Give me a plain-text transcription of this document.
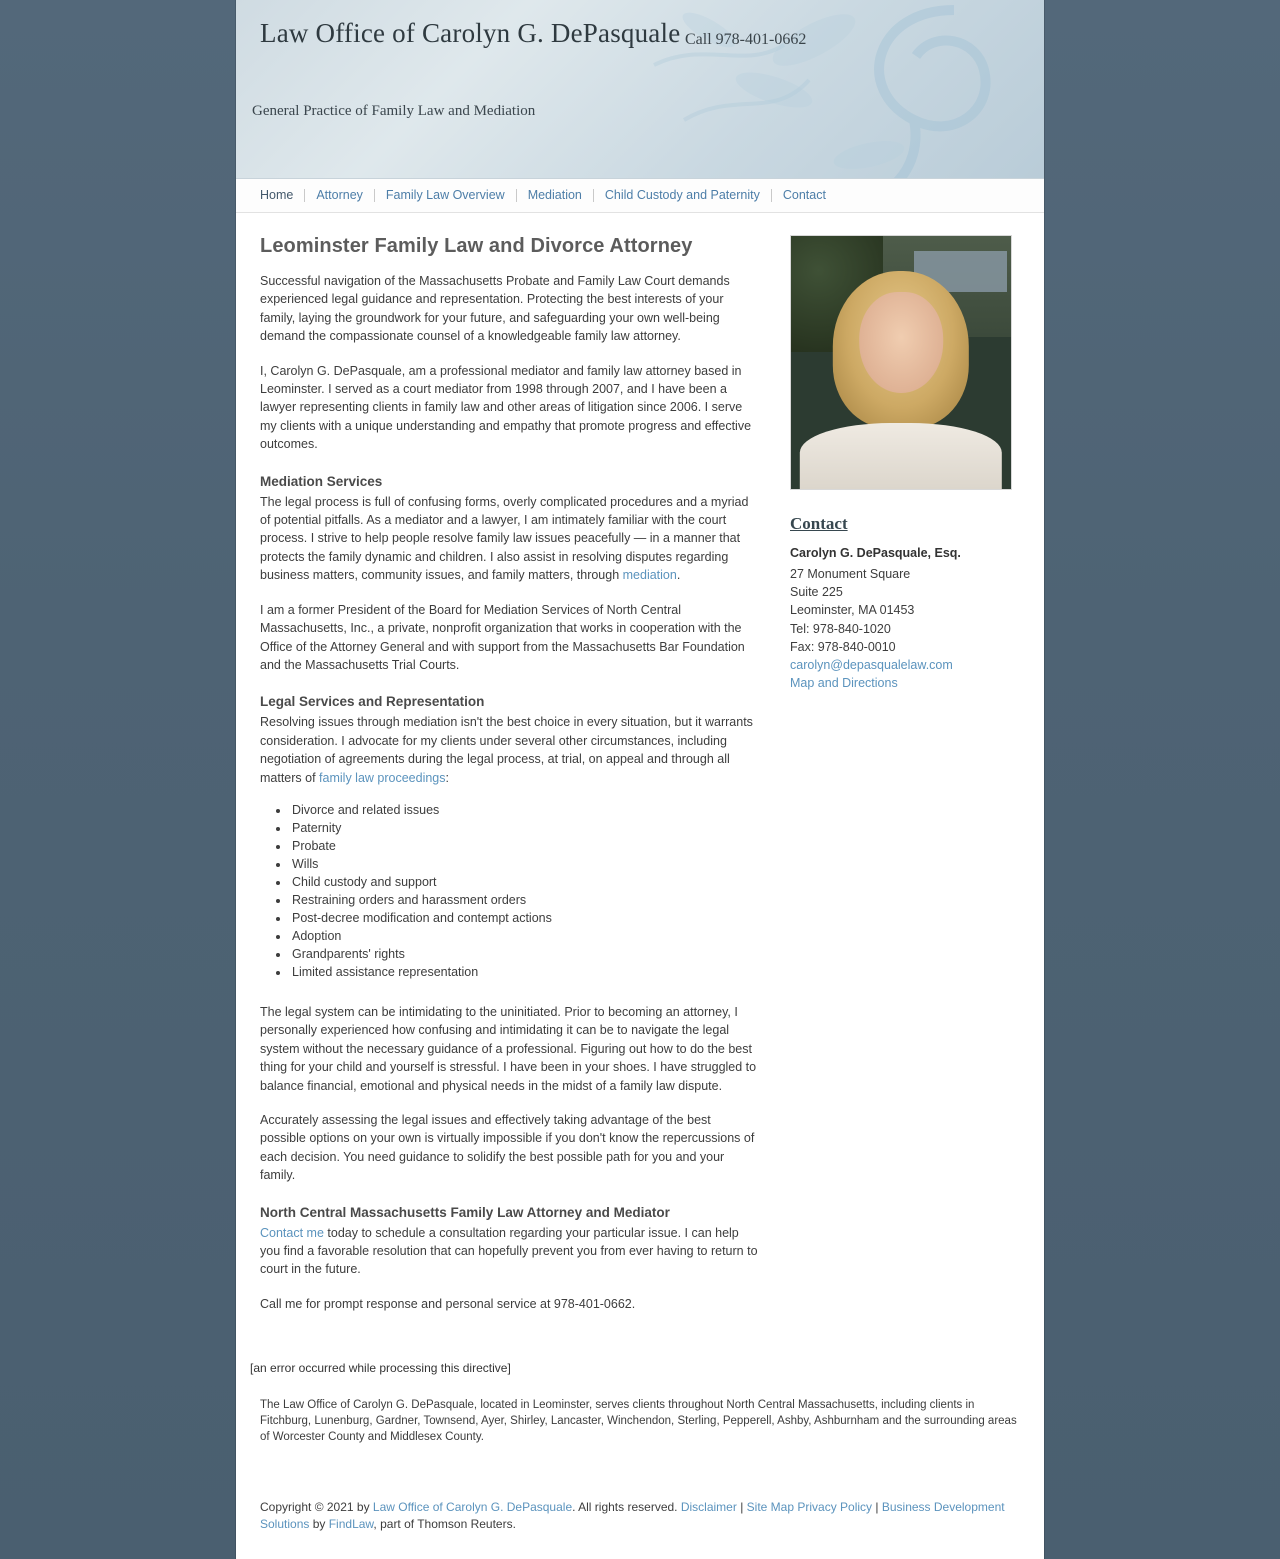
Law Office of Carolyn G. DePasquale Call 978-401-0662
General Practice of Family Law and Mediation
Home	Attorney	Family Law Overview	Mediation	Child Custody and Paternity	Contact
Leominster Family Law and Divorce Attorney

Successful navigation of the Massachusetts Probate and Family Law Court demands experienced legal guidance and representation. Protecting the best interests of your family, laying the groundwork for your future, and safeguarding your own well-being demand the compassionate counsel of a knowledgeable family law attorney.

I, Carolyn G. DePasquale, am a professional mediator and family law attorney based in Leominster. I served as a court mediator from 1998 through 2007, and I have been a lawyer representing clients in family law and other areas of litigation since 2006. I serve my clients with a unique understanding and empathy that promote progress and effective outcomes.

Mediation Services

The legal process is full of confusing forms, overly complicated procedures and a myriad of potential pitfalls. As a mediator and a lawyer, I am intimately familiar with the court process. I strive to help people resolve family law issues peacefully — in a manner that protects the family dynamic and children. I also assist in resolving disputes regarding business matters, community issues, and family matters, through mediation.

I am a former President of the Board for Mediation Services of North Central Massachusetts, Inc., a private, nonprofit organization that works in cooperation with the Office of the Attorney General and with support from the Massachusetts Bar Foundation and the Massachusetts Trial Courts.

Legal Services and Representation

Resolving issues through mediation isn't the best choice in every situation, but it warrants consideration. I advocate for my clients under several other circumstances, including negotiation of agreements during the legal process, at trial, on appeal and through all matters of family law proceedings:

• Divorce and related issues
• Paternity
• Probate
• Wills
• Child custody and support
• Restraining orders and harassment orders
• Post-decree modification and contempt actions
• Adoption
• Grandparents' rights
• Limited assistance representation

The legal system can be intimidating to the uninitiated. Prior to becoming an attorney, I personally experienced how confusing and intimidating it can be to navigate the legal system without the necessary guidance of a professional. Figuring out how to do the best thing for your child and yourself is stressful. I have been in your shoes. I have struggled to balance financial, emotional and physical needs in the midst of a family law dispute.

Accurately assessing the legal issues and effectively taking advantage of the best possible options on your own is virtually impossible if you don't know the repercussions of each decision. You need guidance to solidify the best possible path for you and your family.

North Central Massachusetts Family Law Attorney and Mediator

Contact me today to schedule a consultation regarding your particular issue. I can help you find a favorable resolution that can hopefully prevent you from ever having to return to court in the future.

Call me for prompt response and personal service at 978-401-0662.

Contact
Carolyn G. DePasquale, Esq.
27 Monument Square
Suite 225
Leominster, MA 01453
Tel: 978-840-1020
Fax: 978-840-0010
carolyn@depasqualelaw.com
Map and Directions
[an error occurred while processing this directive]
The Law Office of Carolyn G. DePasquale, located in Leominster, serves clients throughout North Central Massachusetts, including clients in Fitchburg, Lunenburg, Gardner, Townsend, Ayer, Shirley, Lancaster, Winchendon, Sterling, Pepperell, Ashby, Ashburnham and the surrounding areas of Worcester County and Middlesex County.
Copyright © 2021 by Law Office of Carolyn G. DePasquale. All rights reserved. Disclaimer | Site Map Privacy Policy | Business Development Solutions by FindLaw, part of Thomson Reuters.
